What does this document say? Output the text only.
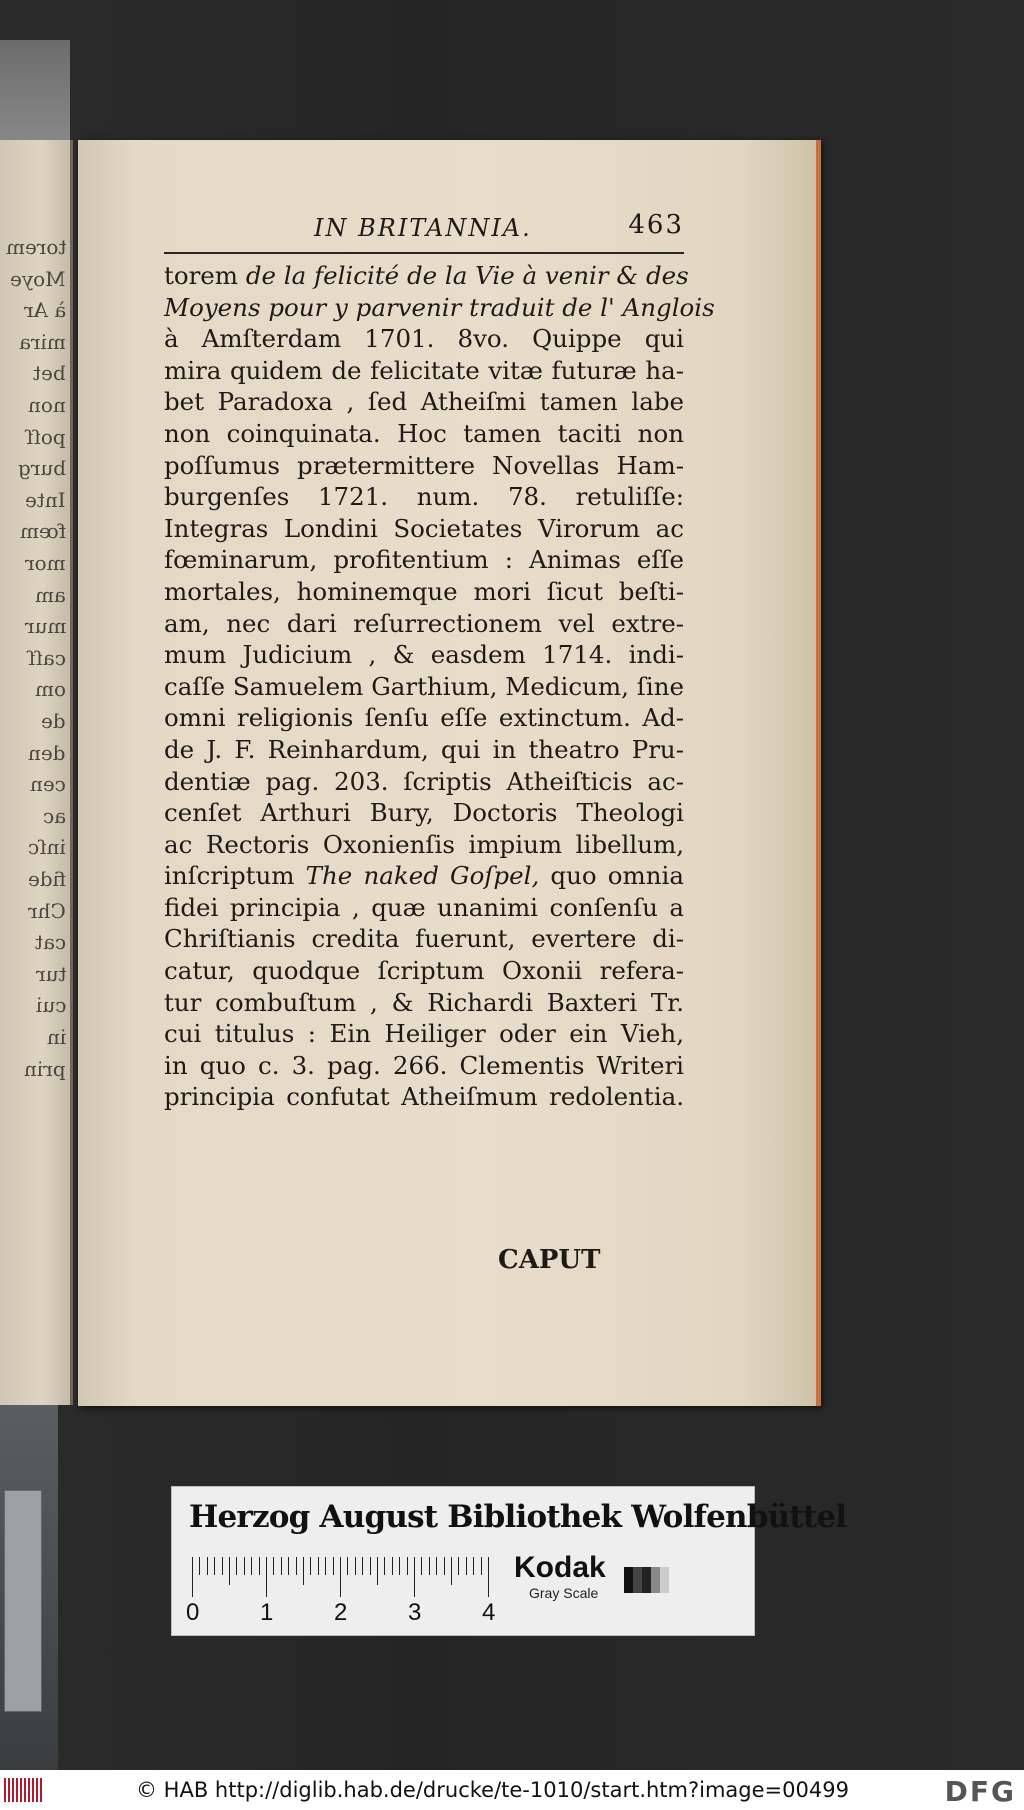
torem
Moye
à Ar
mira
bet
non
poſſ
burg
Inte
fœm
mor
am
mur
caſſ
om
de
den
cen
ac
inſc
fide
Chr
cat
tur
cui
in
prin
IN BRITANNIA.	463
torem de la felicité de la Vie à venir & des
Moyens pour y parvenir traduit de l' Anglois
à Amſterdam 1701. 8vo. Quippe qui
mira quidem de felicitate vitæ futuræ ha-
bet Paradoxa , ſed Atheiſmi tamen labe
non coinquinata. Hoc tamen taciti non
poſſumus prætermittere Novellas Ham-
burgenſes 1721. num. 78. retuliſſe:
Integras Londini Societates Virorum ac
fœminarum, profitentium : Animas eſſe
mortales, hominemque mori ſicut beſti-
am, nec dari reſurrectionem vel extre-
mum Judicium , & easdem 1714. indi-
caſſe Samuelem Garthium, Medicum, ſine
omni religionis ſenſu eſſe extinctum. Ad-
de J. F. Reinhardum, qui in theatro Pru-
dentiæ pag. 203. ſcriptis Atheiſticis ac-
cenſet Arthuri Bury, Doctoris Theologi
ac Rectoris Oxonienſis impium libellum,
inſcriptum The naked Goſpel, quo omnia
fidei principia , quæ unanimi conſenſu a
Chriſtianis credita fuerunt, evertere di-
catur, quodque ſcriptum Oxonii refera-
tur combuſtum , & Richardi Baxteri Tr.
cui titulus : Ein Heiliger oder ein Vieh,
in quo c. 3. pag. 266. Clementis Writeri
principia confutat Atheiſmum redolentia.
CAPUT
Herzog August Bibliothek Wolfenbüttel
0	1	2	3	4
Kodak
Gray Scale
© HAB http://diglib.hab.de/drucke/te-1010/start.htm?image=00499	DFG
